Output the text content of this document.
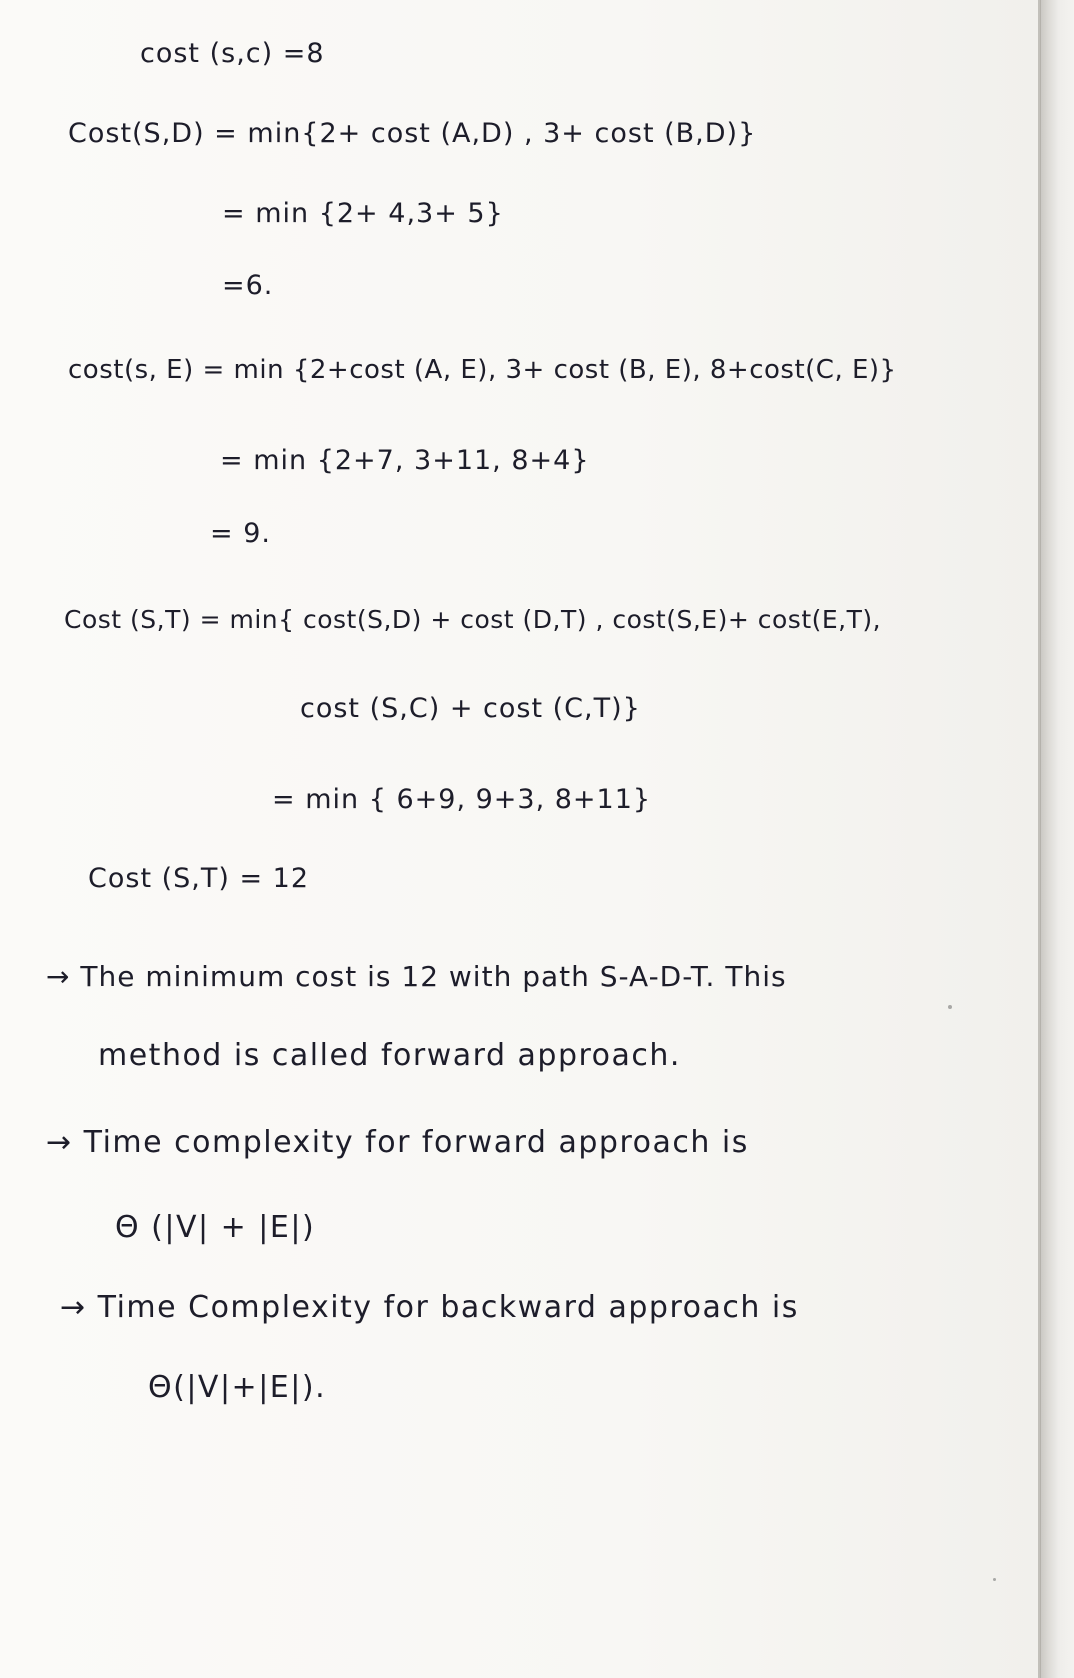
cost (s,c) =8
Cost(S,D) = min{2+ cost (A,D) , 3+ cost (B,D)}
= min {2+ 4,3+ 5}
=6.
cost(s, E) = min {2+cost (A, E), 3+ cost (B, E), 8+cost(C, E)}
= min {2+7, 3+11, 8+4}
= 9.
Cost (S,T) = min{ cost(S,D) + cost (D,T) , cost(S,E)+ cost(E,T),
cost (S,C) + cost (C,T)}
= min { 6+9, 9+3, 8+11}
Cost (S,T) = 12
→ The minimum cost is 12 with path S-A-D-T. This
method is called forward approach.
→ Time complexity for forward approach is
Θ (|V| + |E|)
→ Time Complexity for backward approach is
Θ(|V|+|E|).
